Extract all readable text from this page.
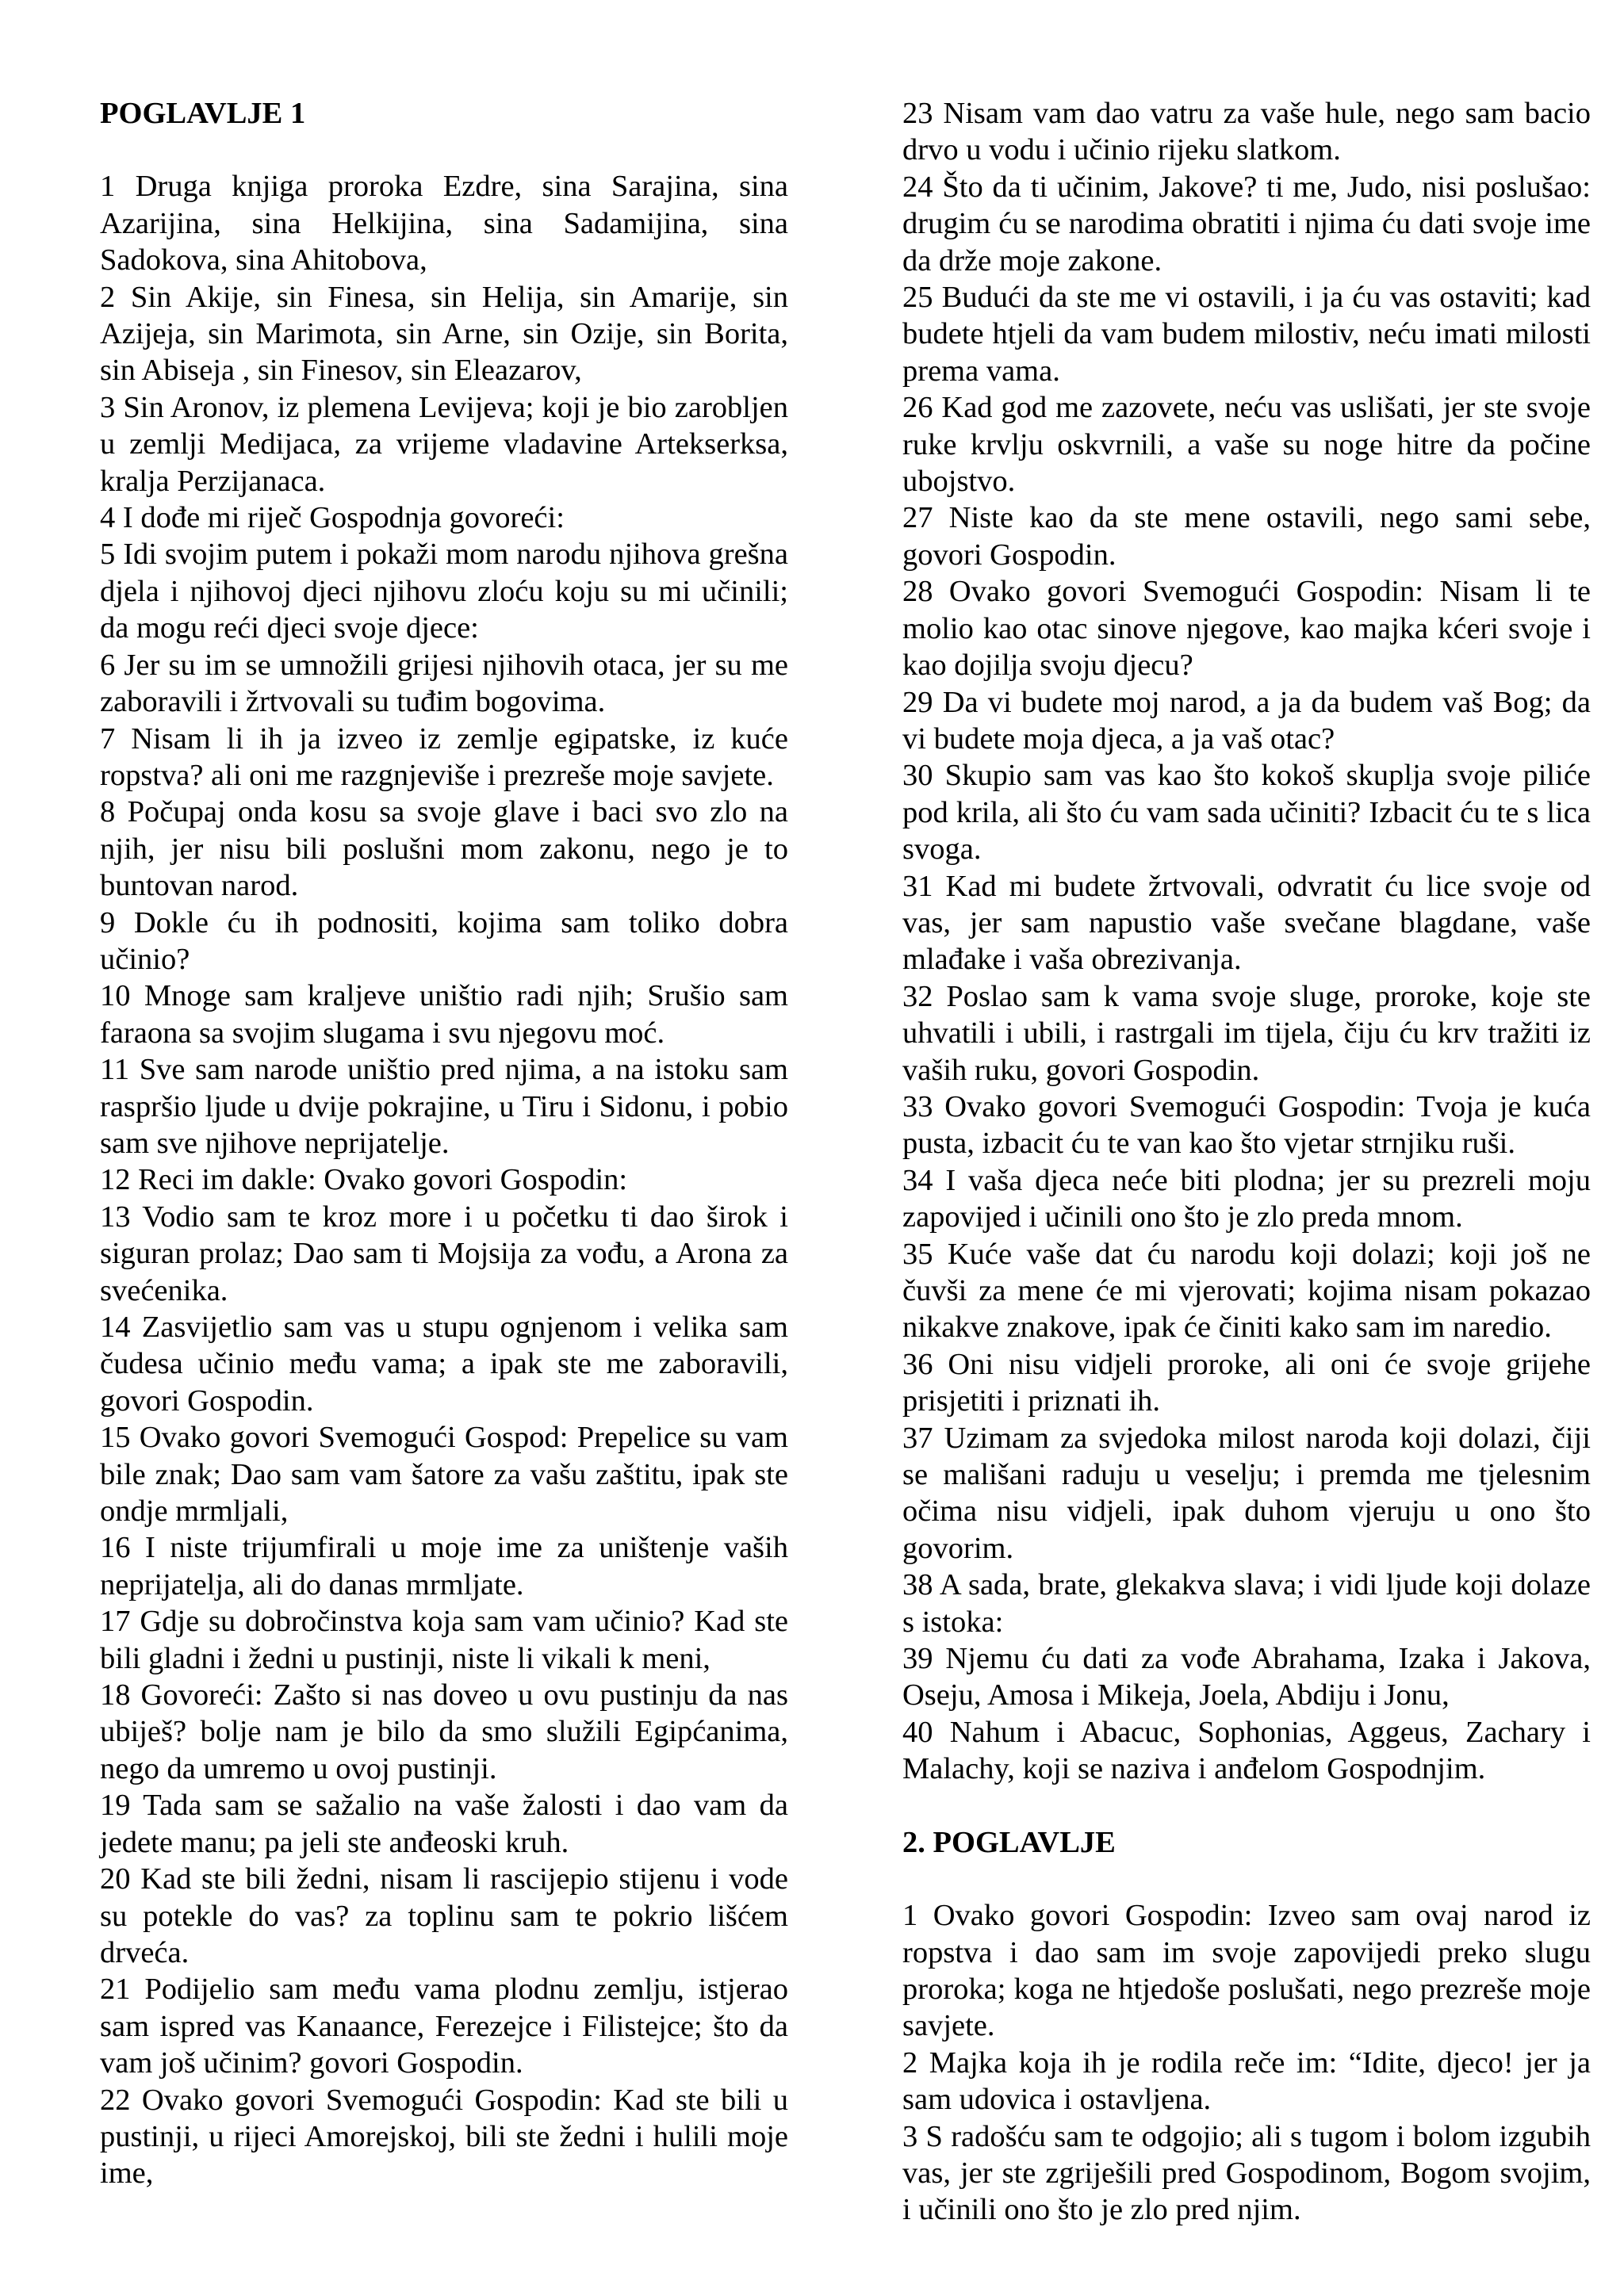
POGLAVLJE 1

1 Druga knjiga proroka Ezdre, sina Sarajina, sina Azarijina, sina Helkijina, sina Sadamijina, sina Sadokova, sina Ahitobova,

2 Sin Akije, sin Finesa, sin Helija, sin Amarije, sin Azijeja, sin Marimota, sin Arne, sin Ozije, sin Borita, sin Abiseja , sin Finesov, sin Eleazarov,

3 Sin Aronov, iz plemena Levijeva; koji je bio zarobljen u zemlji Medijaca, za vrijeme vladavine Artekserksa, kralja Perzijanaca.

4 I dođe mi riječ Gospodnja govoreći:

5 Idi svojim putem i pokaži mom narodu njihova grešna djela i njihovoj djeci njihovu zloću koju su mi učinili; da mogu reći djeci svoje djece:

6 Jer su im se umnožili grijesi njihovih otaca, jer su me zaboravili i žrtvovali su tuđim bogovima.

7 Nisam li ih ja izveo iz zemlje egipatske, iz kuće ropstva? ali oni me razgnjeviše i prezreše moje savjete.

8 Počupaj onda kosu sa svoje glave i baci svo zlo na njih, jer nisu bili poslušni mom zakonu, nego je to buntovan narod.

9 Dokle ću ih podnositi, kojima sam toliko dobra učinio?

10 Mnoge sam kraljeve uništio radi njih; Srušio sam faraona sa svojim slugama i svu njegovu moć.

11 Sve sam narode uništio pred njima, a na istoku sam raspršio ljude u dvije pokrajine, u Tiru i Sidonu, i pobio sam sve njihove neprijatelje.

12 Reci im dakle: Ovako govori Gospodin:

13 Vodio sam te kroz more i u početku ti dao širok i siguran prolaz; Dao sam ti Mojsija za vođu, a Arona za svećenika.

14 Zasvijetlio sam vas u stupu ognjenom i velika sam čudesa učinio među vama; a ipak ste me zaboravili, govori Gospodin.

15 Ovako govori Svemogući Gospod: Prepelice su vam bile znak; Dao sam vam šatore za vašu zaštitu, ipak ste ondje mrmljali,

16 I niste trijumfirali u moje ime za uništenje vaših neprijatelja, ali do danas mrmljate.

17 Gdje su dobročinstva koja sam vam učinio? Kad ste bili gladni i žedni u pustinji, niste li vikali k meni,

18 Govoreći: Zašto si nas doveo u ovu pustinju da nas ubiješ? bolje nam je bilo da smo služili Egipćanima, nego da umremo u ovoj pustinji.

19 Tada sam se sažalio na vaše žalosti i dao vam da jedete manu; pa jeli ste anđeoski kruh.

20 Kad ste bili žedni, nisam li rascijepio stijenu i vode su potekle do vas? za toplinu sam te pokrio lišćem drveća.

21 Podijelio sam među vama plodnu zemlju, istjerao sam ispred vas Kanaance, Ferezejce i Filistejce; što da vam još učinim? govori Gospodin.

22 Ovako govori Svemogući Gospodin: Kad ste bili u pustinji, u rijeci Amorejskoj, bili ste žedni i hulili moje ime,

23 Nisam vam dao vatru za vaše hule, nego sam bacio drvo u vodu i učinio rijeku slatkom.

24 Što da ti učinim, Jakove? ti me, Judo, nisi poslušao: drugim ću se narodima obratiti i njima ću dati svoje ime da drže moje zakone.

25 Budući da ste me vi ostavili, i ja ću vas ostaviti; kad budete htjeli da vam budem milostiv, neću imati milosti prema vama.

26 Kad god me zazovete, neću vas uslišati, jer ste svoje ruke krvlju oskvrnili, a vaše su noge hitre da počine ubojstvo.

27 Niste kao da ste mene ostavili, nego sami sebe, govori Gospodin.

28 Ovako govori Svemogući Gospodin: Nisam li te molio kao otac sinove njegove, kao majka kćeri svoje i kao dojilja svoju djecu?

29 Da vi budete moj narod, a ja da budem vaš Bog; da vi budete moja djeca, a ja vaš otac?

30 Skupio sam vas kao što kokoš skuplja svoje piliće pod krila, ali što ću vam sada učiniti? Izbacit ću te s lica svoga.

31 Kad mi budete žrtvovali, odvratit ću lice svoje od vas, jer sam napustio vaše svečane blagdane, vaše mlađake i vaša obrezivanja.

32 Poslao sam k vama svoje sluge, proroke, koje ste uhvatili i ubili, i rastrgali im tijela, čiju ću krv tražiti iz vaših ruku, govori Gospodin.

33 Ovako govori Svemogući Gospodin: Tvoja je kuća pusta, izbacit ću te van kao što vjetar strnjiku ruši.

34 I vaša djeca neće biti plodna; jer su prezreli moju zapovijed i učinili ono što je zlo preda mnom.

35 Kuće vaše dat ću narodu koji dolazi; koji još ne čuvši za mene će mi vjerovati; kojima nisam pokazao nikakve znakove, ipak će činiti kako sam im naredio.

36 Oni nisu vidjeli proroke, ali oni će svoje grijehe prisjetiti i priznati ih.

37 Uzimam za svjedoka milost naroda koji dolazi, čiji se mališani raduju u veselju; i premda me tjelesnim očima nisu vidjeli, ipak duhom vjeruju u ono što govorim.

38 A sada, brate, glekakva slava; i vidi ljude koji dolaze s istoka:

39 Njemu ću dati za vođe Abrahama, Izaka i Jakova, Oseju, Amosa i Mikeja, Joela, Abdiju i Jonu,

40 Nahum i Abacuc, Sophonias, Aggeus, Zachary i Malachy, koji se naziva i anđelom Gospodnjim.

2. POGLAVLJE

1 Ovako govori Gospodin: Izveo sam ovaj narod iz ropstva i dao sam im svoje zapovijedi preko slugu proroka; koga ne htjedoše poslušati, nego prezreše moje savjete.

2 Majka koja ih je rodila reče im: “Idite, djeco! jer ja sam udovica i ostavljena.

3 S radošću sam te odgojio; ali s tugom i bolom izgubih vas, jer ste zgriješili pred Gospodinom, Bogom svojim, i učinili ono što je zlo pred njim.
